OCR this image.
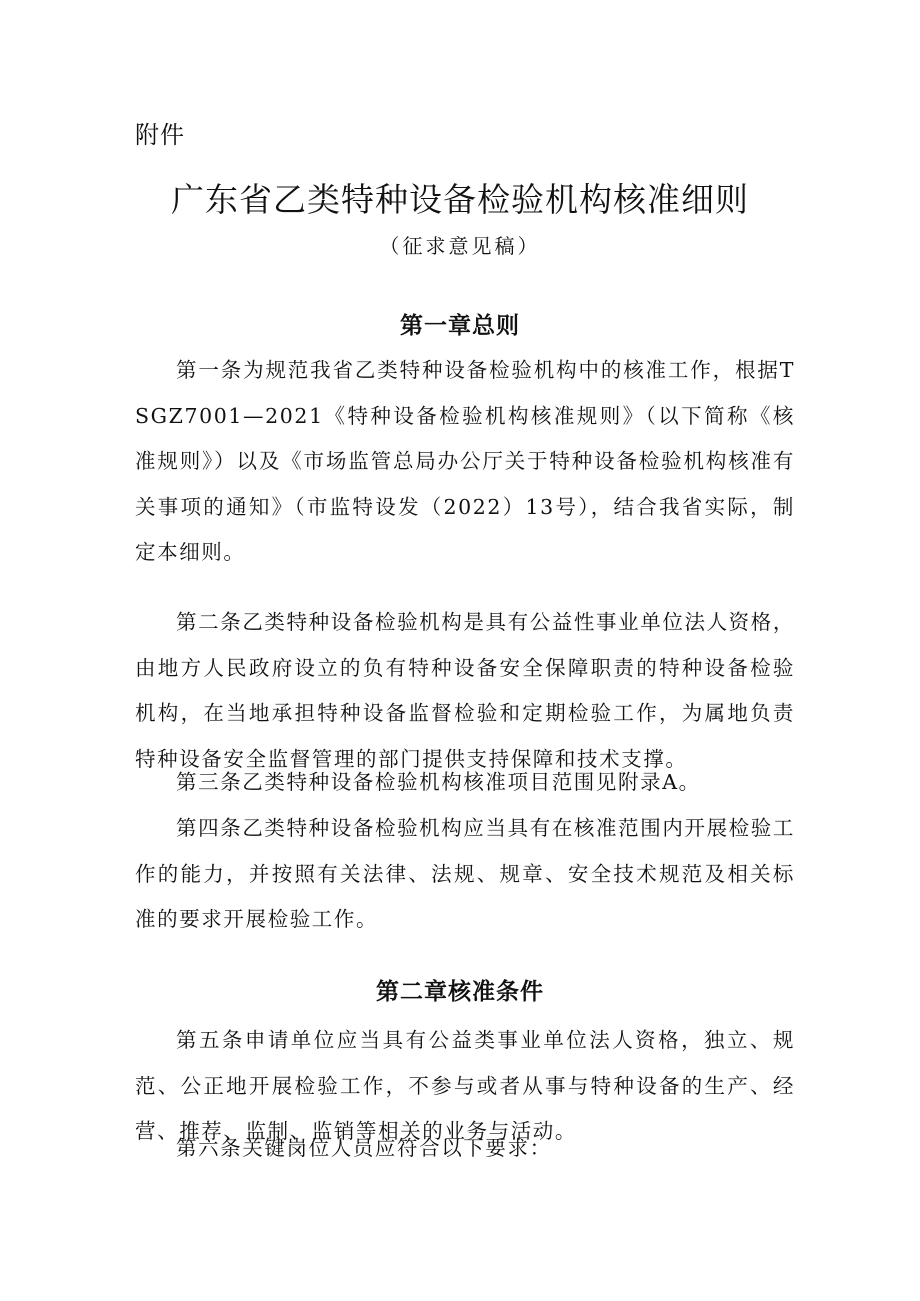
附件
广东省乙类特种设备检验机构核准细则
（征求意见稿）
第一章总则

第一条为规范我省乙类特种设备检验机构中的核准工作，根据TSGZ7001—2021《特种设备检验机构核准规则》（以下简称《核准规则》）以及《市场监管总局办公厅关于特种设备检验机构核准有关事项的通知》（市监特设发（2022）13号），结合我省实际，制定本细则。

第二条乙类特种设备检验机构是具有公益性事业单位法人资格，由地方人民政府设立的负有特种设备安全保障职责的特种设备检验机构，在当地承担特种设备监督检验和定期检验工作，为属地负责特种设备安全监督管理的部门提供支持保障和技术支撑。

第三条乙类特种设备检验机构核准项目范围见附录A。

第四条乙类特种设备检验机构应当具有在核准范围内开展检验工作的能力，并按照有关法律、法规、规章、安全技术规范及相关标准的要求开展检验工作。

第二章核准条件

第五条申请单位应当具有公益类事业单位法人资格，独立、规范、公正地开展检验工作，不参与或者从事与特种设备的生产、经营、推荐、监制、监销等相关的业务与活动。

第六条关键岗位人员应符合以下要求：
